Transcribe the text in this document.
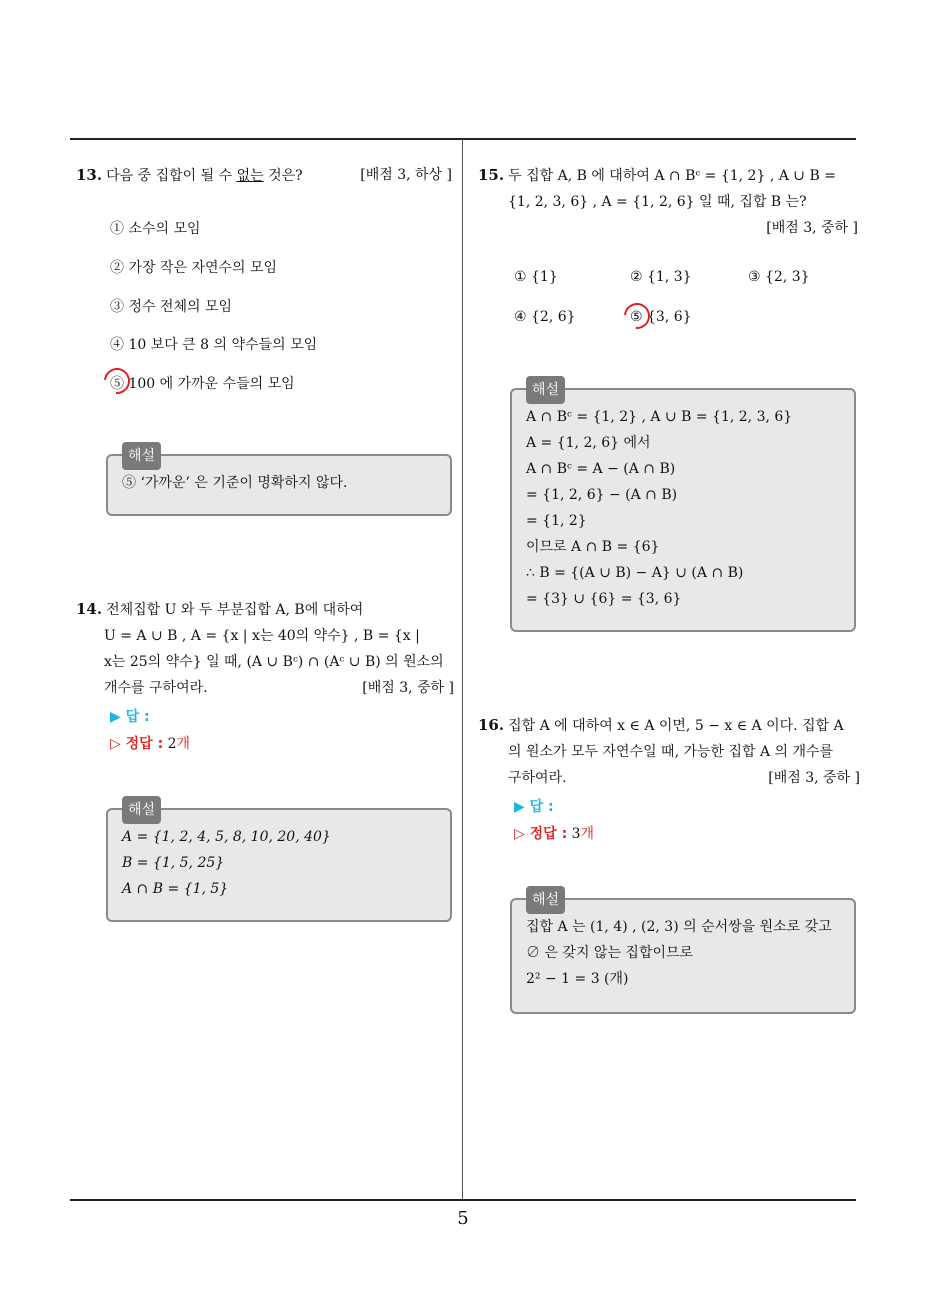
13. 다음 중 집합이 될 수 없는 것은?	[배점 3, 하상 ]
① 소수의 모임
② 가장 작은 자연수의 모임
③ 정수 전체의 모임
④ 10 보다 큰 8 의 약수들의 모임
⑤ 100 에 가까운 수들의 모임
해설
⑤ ‘가까운’ 은 기준이 명확하지 않다.
14. 전체집합 U 와 두 부분집합 A, B에 대하여
U = A ∪ B , A = {x | x는 40의 약수} , B = {x |
x는 25의 약수} 일 때, (A ∪ Bᶜ) ∩ (Aᶜ ∪ B) 의 원소의
개수를 구하여라.	[배점 3, 중하 ]
▶ 답 :
▷ 정답 : 2개
해설
A = {1, 2, 4, 5, 8, 10, 20, 40}
B = {1, 5, 25}
A ∩ B = {1, 5}
15. 두 집합 A, B 에 대하여 A ∩ Bᶜ = {1, 2} , A ∪ B =
{1, 2, 3, 6} , A = {1, 2, 6} 일 때, 집합 B 는?
[배점 3, 중하 ]
① {1}	② {1, 3}	③ {2, 3}
④ {2, 6}	⑤ {3, 6}
해설
A ∩ Bᶜ = {1, 2} , A ∪ B = {1, 2, 3, 6}
A = {1, 2, 6} 에서
A ∩ Bᶜ = A − (A ∩ B)
= {1, 2, 6} − (A ∩ B)
= {1, 2}
이므로 A ∩ B = {6}
∴ B = {(A ∪ B) − A} ∪ (A ∩ B)
= {3} ∪ {6} = {3, 6}
16. 집합 A 에 대하여 x ∈ A 이면, 5 − x ∈ A 이다. 집합 A
의 원소가 모두 자연수일 때, 가능한 집합 A 의 개수를
구하여라.	[배점 3, 중하 ]
▶ 답 :
▷ 정답 : 3개
해설
집합 A 는 (1, 4) , (2, 3) 의 순서쌍을 원소로 갖고
∅ 은 갖지 않는 집합이므로
2² − 1 = 3 (개)
5
